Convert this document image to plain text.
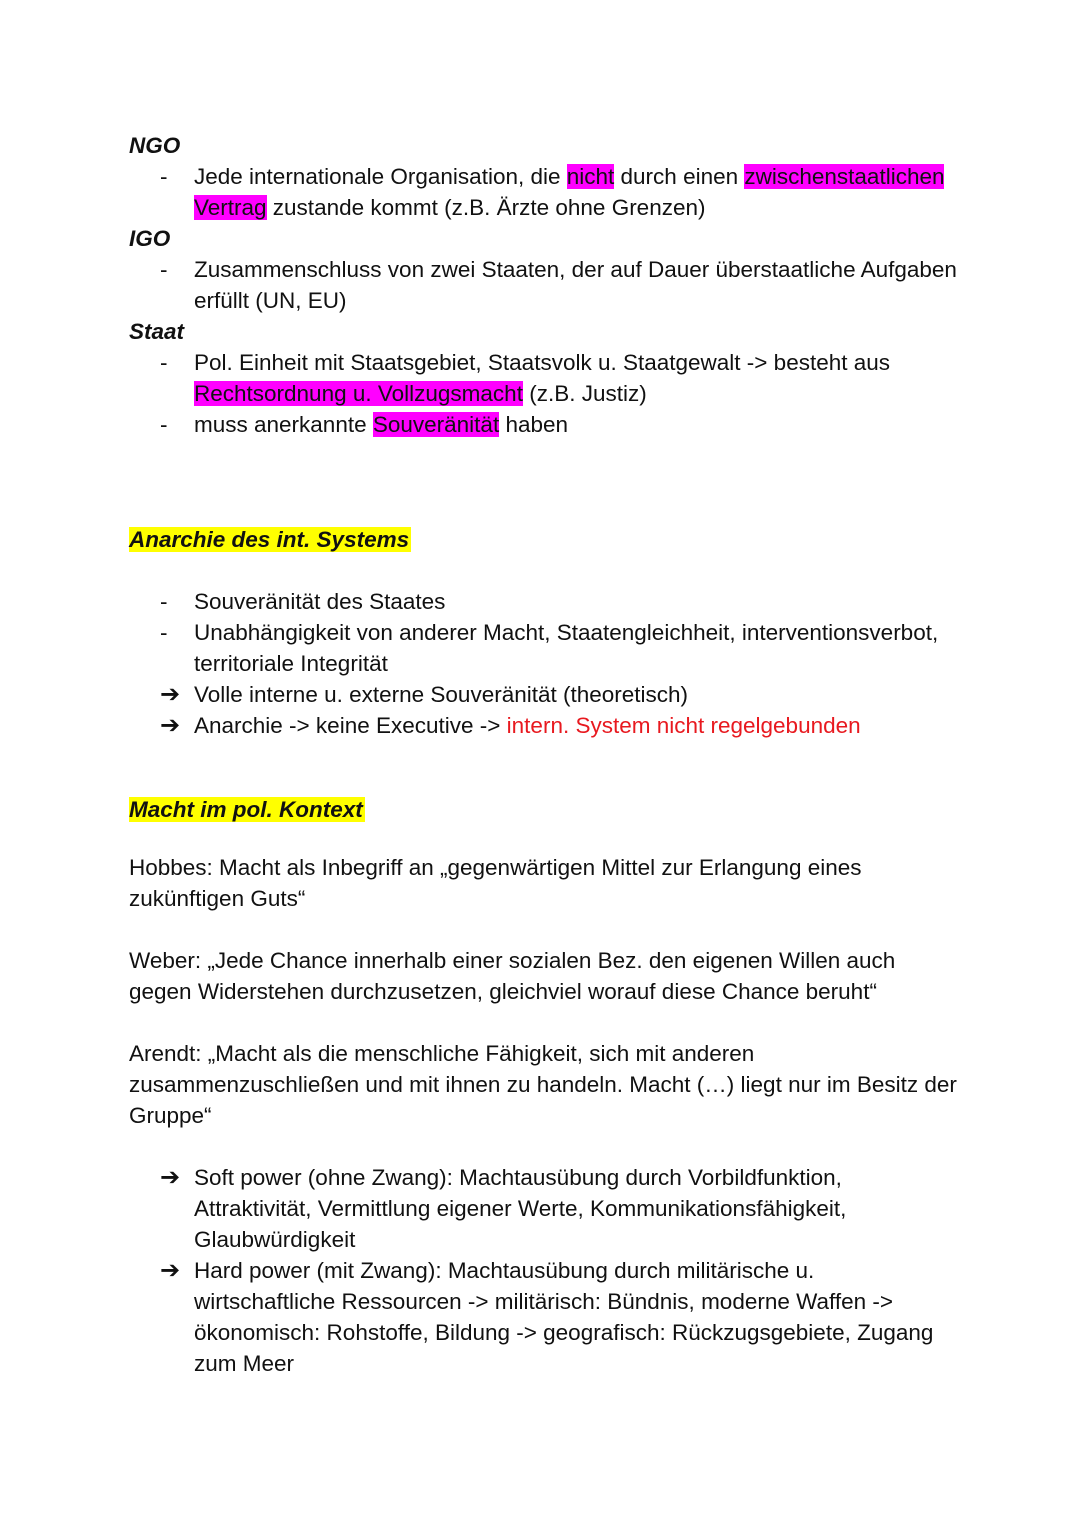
NGO

-
Jede internationale Organisation, die nicht durch einen zwischenstaatlichen Vertrag zustande kommt (z.B. Ärzte ohne Grenzen)

IGO

-
Zusammenschluss von zwei Staaten, der auf Dauer überstaatliche Aufgaben erfüllt (UN, EU)

Staat

-
Pol. Einheit mit Staatsgebiet, Staatsvolk u. Staatgewalt -> besteht aus Rechtsordnung u. Vollzugsmacht (z.B. Justiz)
-
muss anerkannte Souveränität haben
Anarchie des int. Systems
-
Souveränität des Staates
-
Unabhängigkeit von anderer Macht, Staatengleichheit, interventionsverbot, territoriale Integrität
➔ Volle interne u. externe Souveränität (theoretisch)
➔ Anarchie -> keine Executive -> intern. System nicht regelgebunden
Macht im pol. Kontext

Hobbes: Macht als Inbegriff an „gegenwärtigen Mittel zur Erlangung eines zukünftigen Guts“

Weber: „Jede Chance innerhalb einer sozialen Bez. den eigenen Willen auch gegen Widerstehen durchzusetzen, gleichviel worauf diese Chance beruht“

Arendt: „Macht als die menschliche Fähigkeit, sich mit anderen zusammenzuschließen und mit ihnen zu handeln. Macht (…) liegt nur im Besitz der Gruppe“

➔ Soft power (ohne Zwang): Machtausübung durch Vorbildfunktion, Attraktivität, Vermittlung eigener Werte, Kommunikationsfähigkeit, Glaubwürdigkeit
➔ Hard power (mit Zwang): Machtausübung durch militärische u. wirtschaftliche Ressourcen -> militärisch: Bündnis, moderne Waffen -> ökonomisch: Rohstoffe, Bildung -> geografisch: Rückzugsgebiete, Zugang zum Meer
